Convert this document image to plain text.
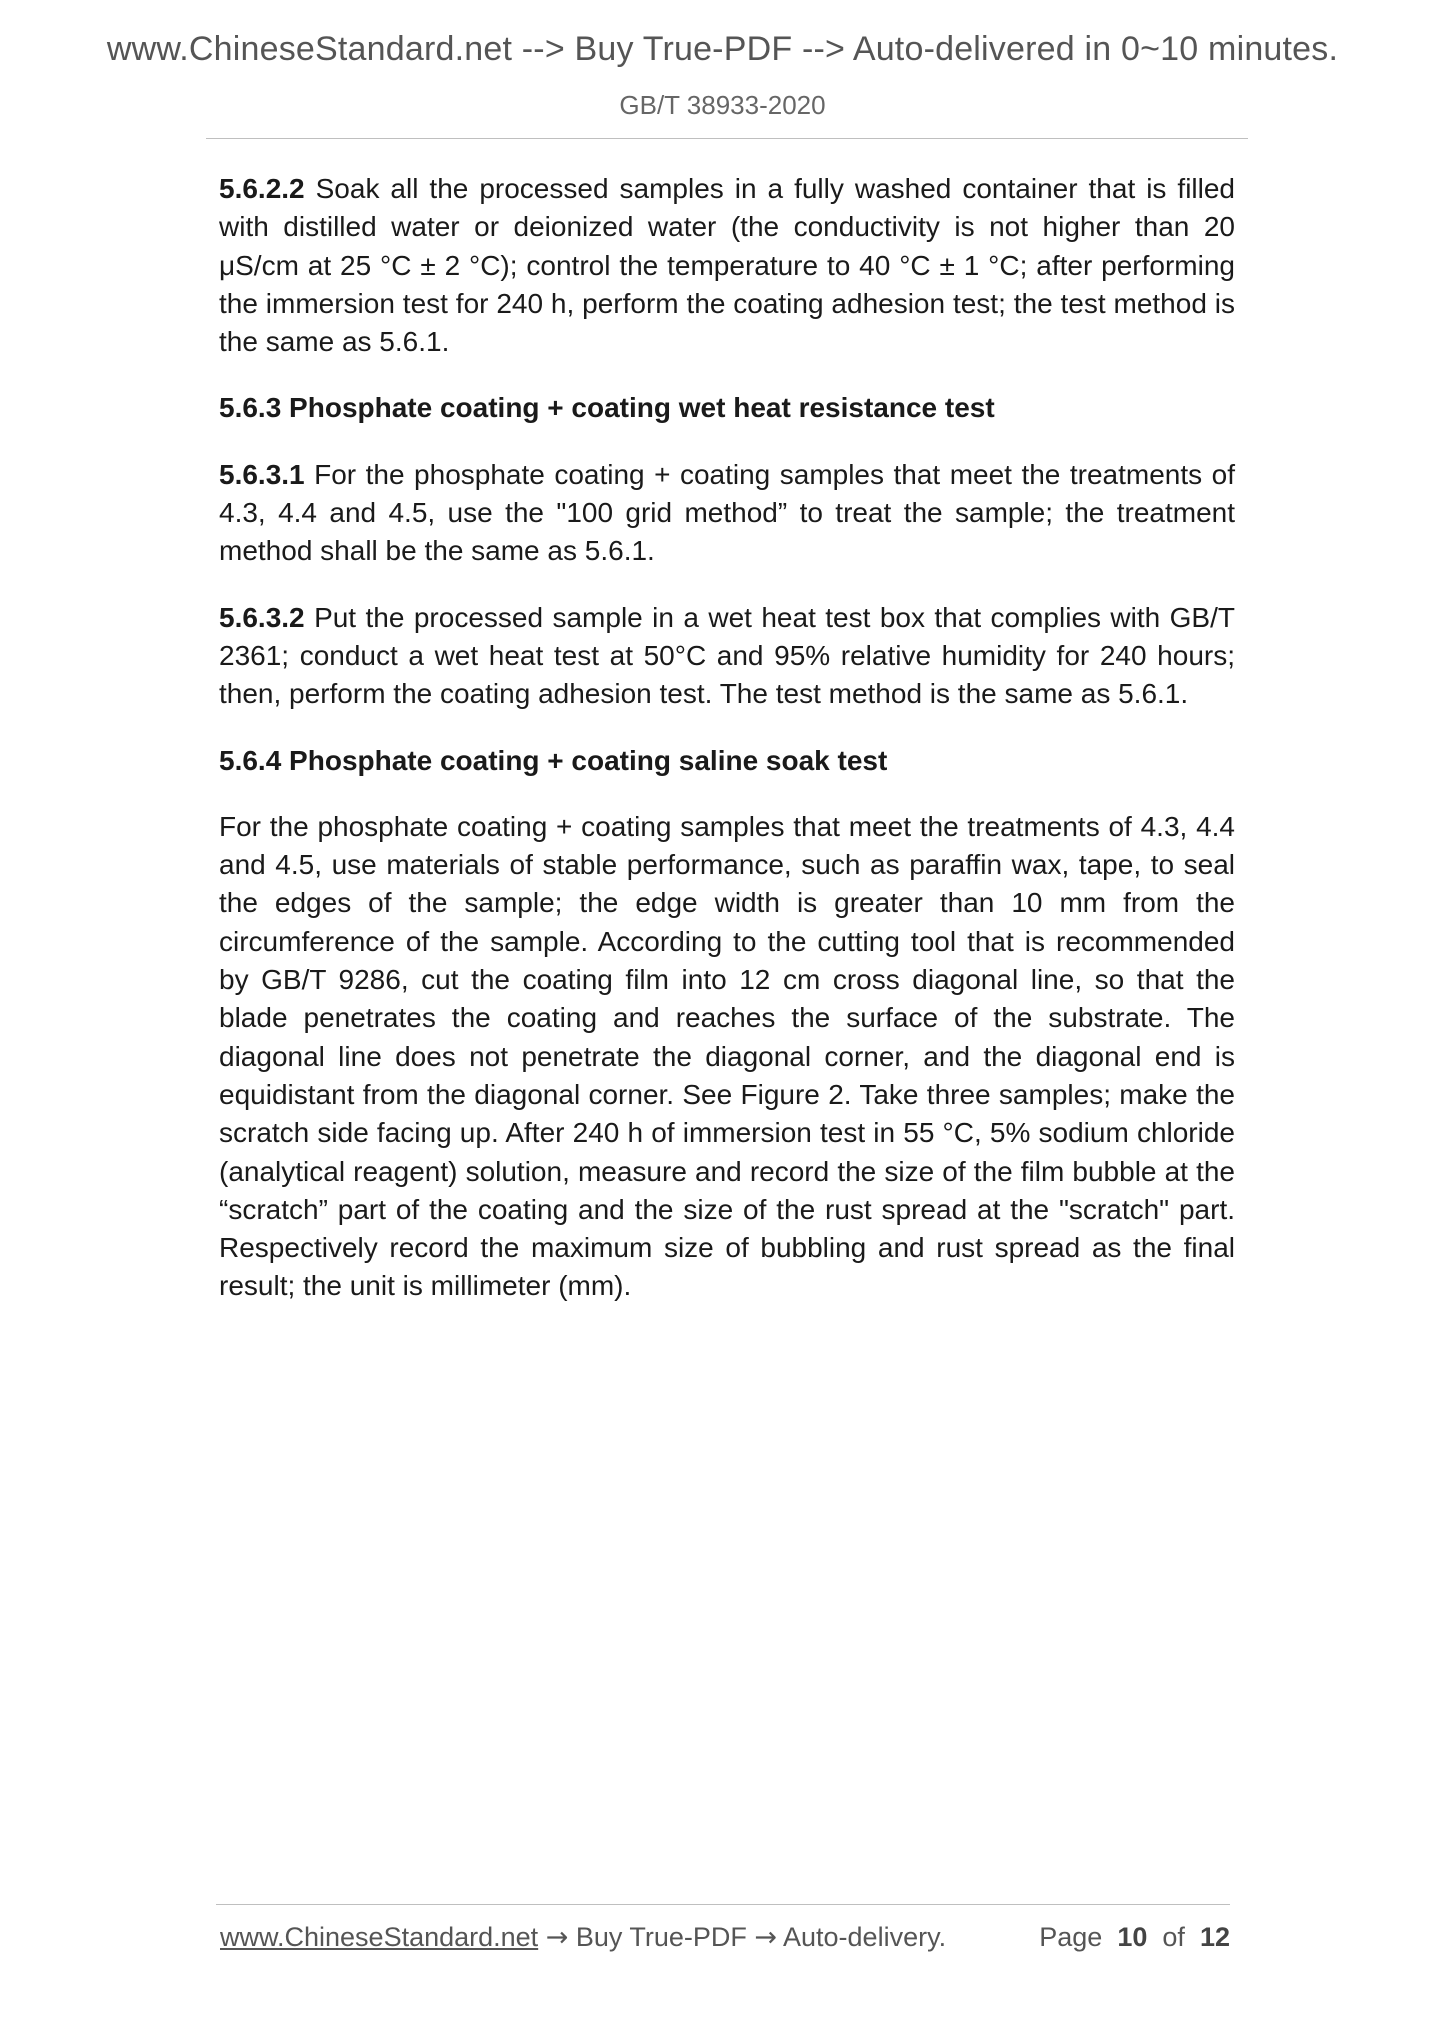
www.ChineseStandard.net --> Buy True-PDF --> Auto-delivered in 0~10 minutes.
GB/T 38933-2020

5.6.2.2 Soak all the processed samples in a fully washed container that is filled with distilled water or deionized water (the conductivity is not higher than 20 μS/cm at 25 °C ± 2 °C); control the temperature to 40 °C ± 1 °C; after performing the immersion test for 240 h, perform the coating adhesion test; the test method is the same as 5.6.1.

5.6.3 Phosphate coating + coating wet heat resistance test

5.6.3.1 For the phosphate coating + coating samples that meet the treatments of 4.3, 4.4 and 4.5, use the "100 grid method” to treat the sample; the treatment method shall be the same as 5.6.1.

5.6.3.2 Put the processed sample in a wet heat test box that complies with GB/T 2361; conduct a wet heat test at 50°C and 95% relative humidity for 240 hours; then, perform the coating adhesion test. The test method is the same as 5.6.1.

5.6.4 Phosphate coating + coating saline soak test

For the phosphate coating + coating samples that meet the treatments of 4.3, 4.4 and 4.5, use materials of stable performance, such as paraffin wax, tape, to seal the edges of the sample; the edge width is greater than 10 mm from the circumference of the sample. According to the cutting tool that is recommended by GB/T 9286, cut the coating film into 12 cm cross diagonal line, so that the blade penetrates the coating and reaches the surface of the substrate. The diagonal line does not penetrate the diagonal corner, and the diagonal end is equidistant from the diagonal corner. See Figure 2. Take three samples; make the scratch side facing up. After 240 h of immersion test in 55 °C, 5% sodium chloride (analytical reagent) solution, measure and record the size of the film bubble at the “scratch” part of the coating and the size of the rust spread at the "scratch" part. Respectively record the maximum size of bubbling and rust spread as the final result; the unit is millimeter (mm).

www.ChineseStandard.net → Buy True-PDF → Auto-delivery.	Page 10 of 12
